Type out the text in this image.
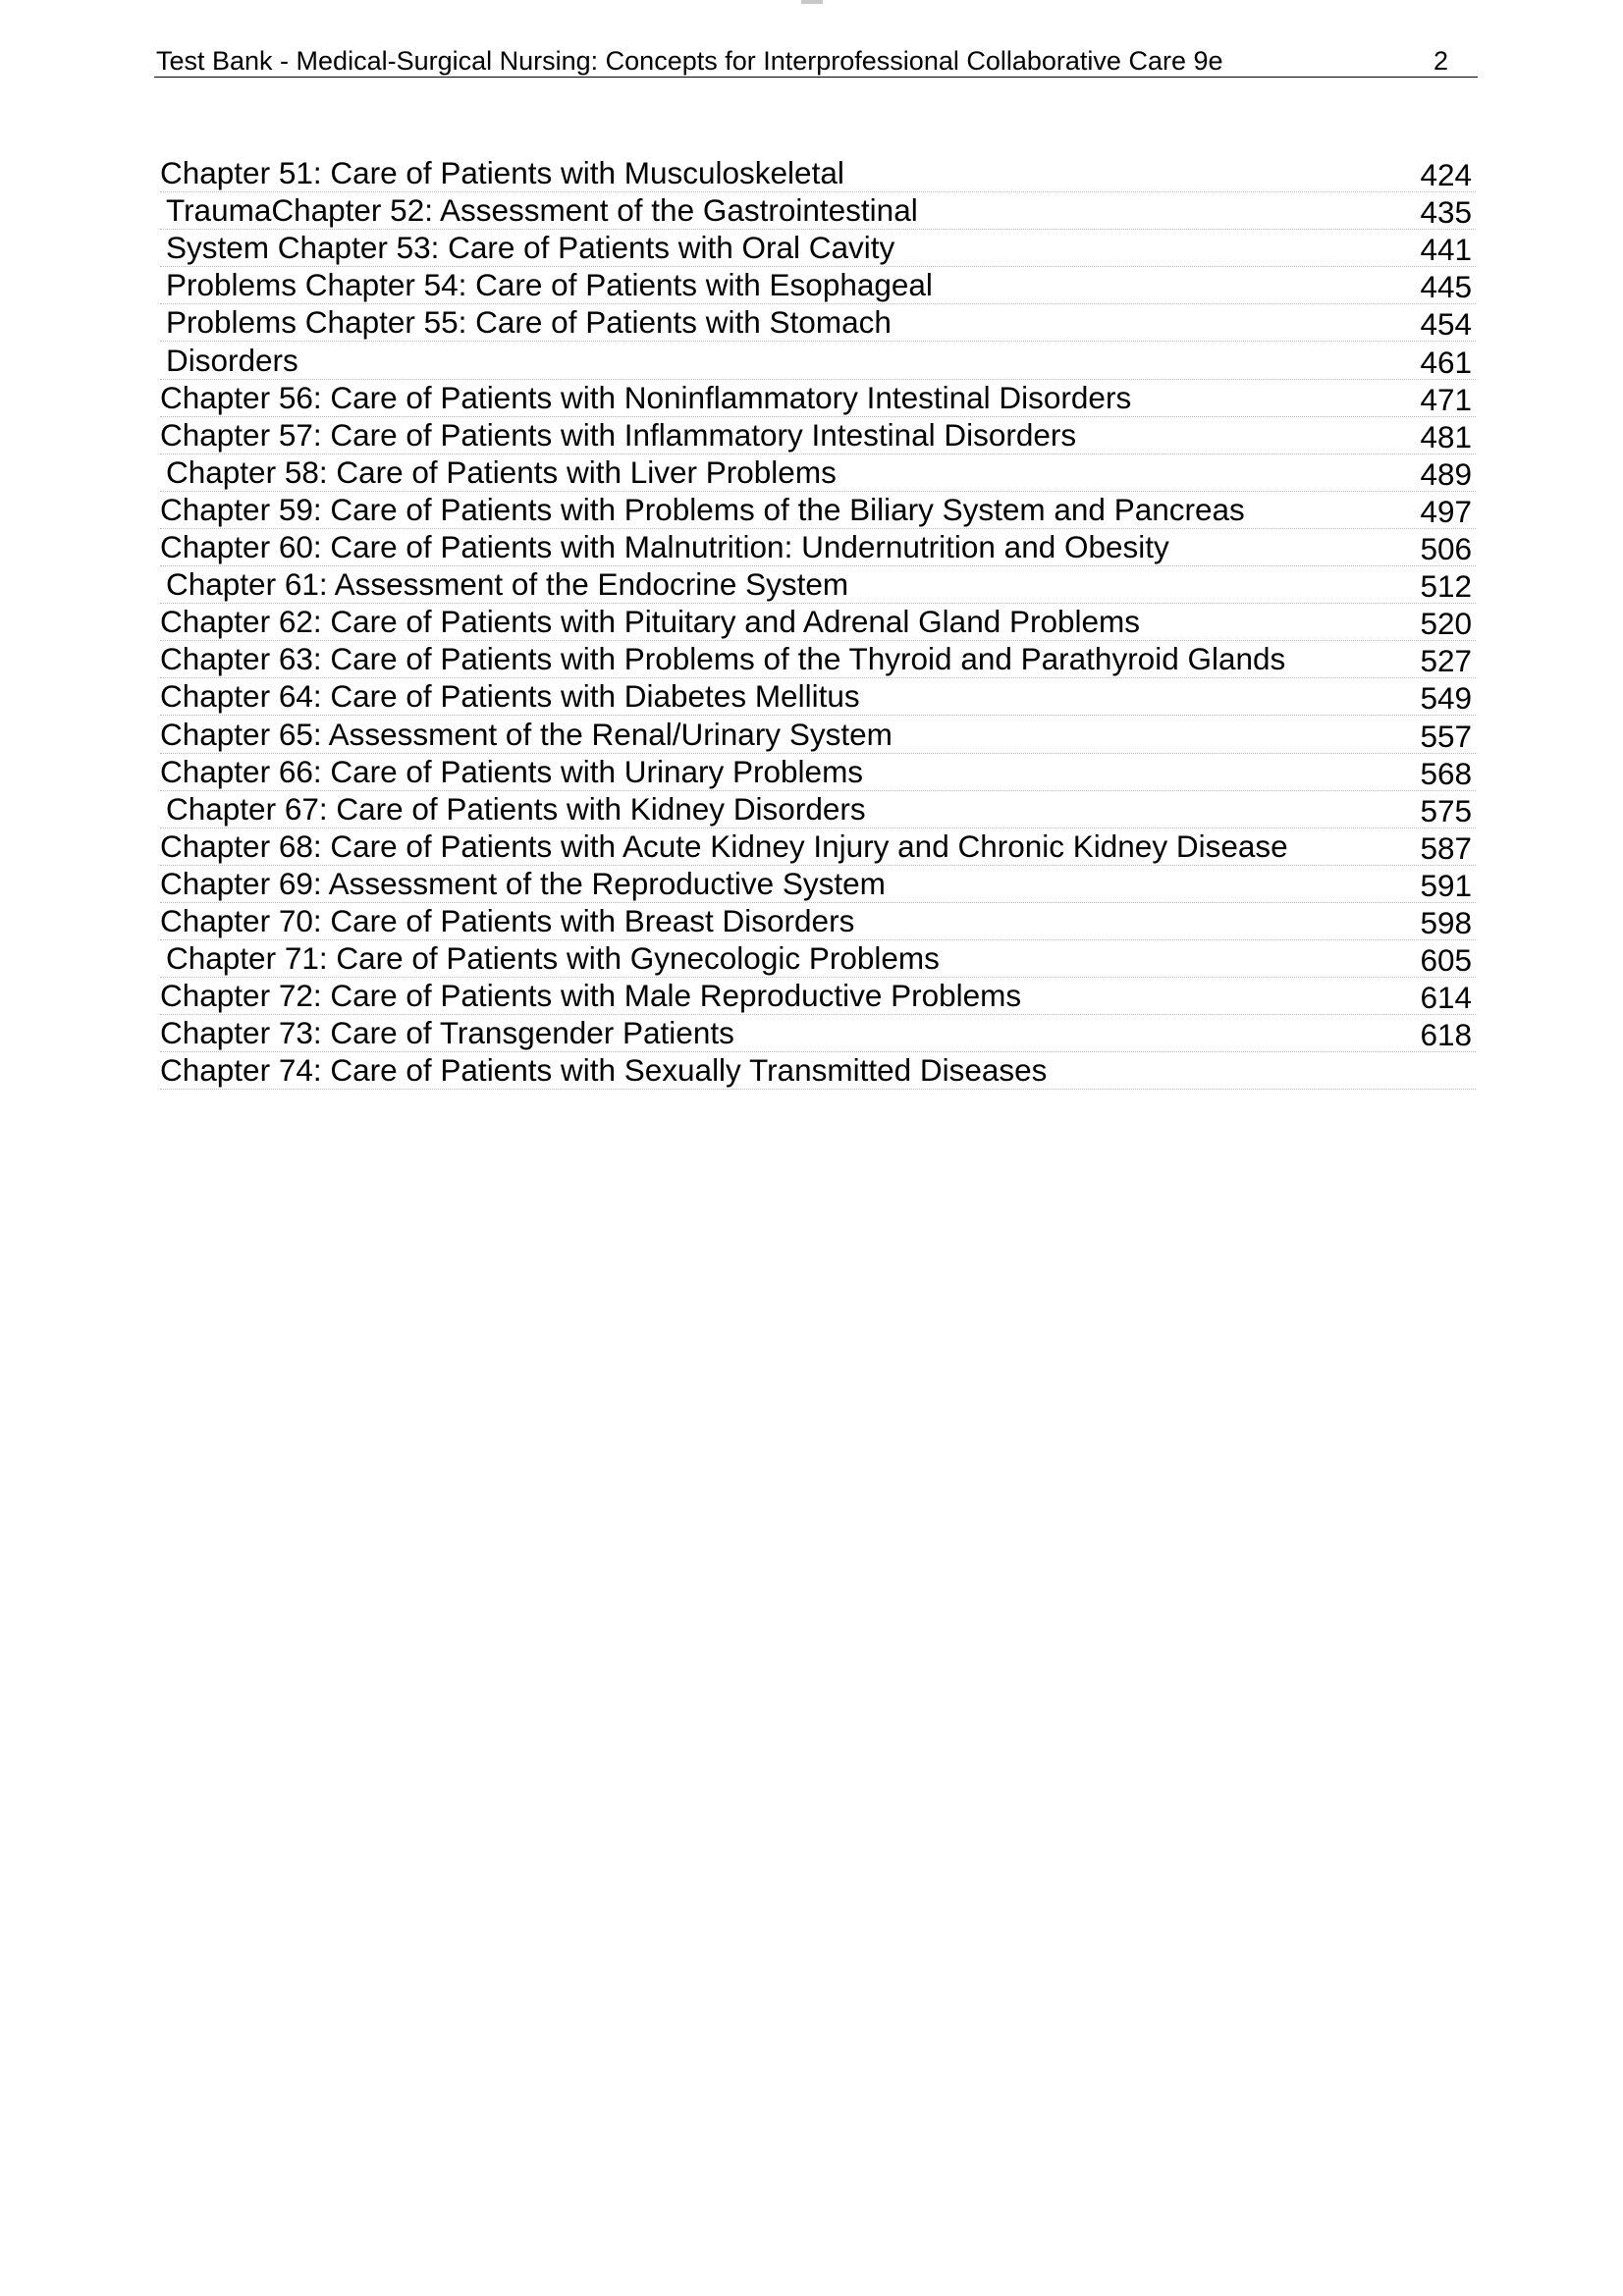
Test Bank - Medical-Surgical Nursing: Concepts for Interprofessional Collaborative Care 9e	2
Chapter 51: Care of Patients with Musculoskeletal	424
TraumaChapter 52: Assessment of the Gastrointestinal	435
System Chapter 53: Care of Patients with Oral Cavity	441
Problems Chapter 54: Care of Patients with Esophageal	445
Problems Chapter 55: Care of Patients with Stomach	454
Disorders	461
Chapter 56: Care of Patients with Noninflammatory Intestinal Disorders	471
Chapter 57: Care of Patients with Inflammatory Intestinal Disorders	481
Chapter 58: Care of Patients with Liver Problems	489
Chapter 59: Care of Patients with Problems of the Biliary System and Pancreas	497
Chapter 60: Care of Patients with Malnutrition: Undernutrition and Obesity	506
Chapter 61: Assessment of the Endocrine System	512
Chapter 62: Care of Patients with Pituitary and Adrenal Gland Problems	520
Chapter 63: Care of Patients with Problems of the Thyroid and Parathyroid Glands	527
Chapter 64: Care of Patients with Diabetes Mellitus	549
Chapter 65: Assessment of the Renal/Urinary System	557
Chapter 66: Care of Patients with Urinary Problems	568
Chapter 67: Care of Patients with Kidney Disorders	575
Chapter 68: Care of Patients with Acute Kidney Injury and Chronic Kidney Disease	587
Chapter 69: Assessment of the Reproductive System	591
Chapter 70: Care of Patients with Breast Disorders	598
Chapter 71: Care of Patients with Gynecologic Problems	605
Chapter 72: Care of Patients with Male Reproductive Problems	614
Chapter 73: Care of Transgender Patients	618
Chapter 74: Care of Patients with Sexually Transmitted Diseases
